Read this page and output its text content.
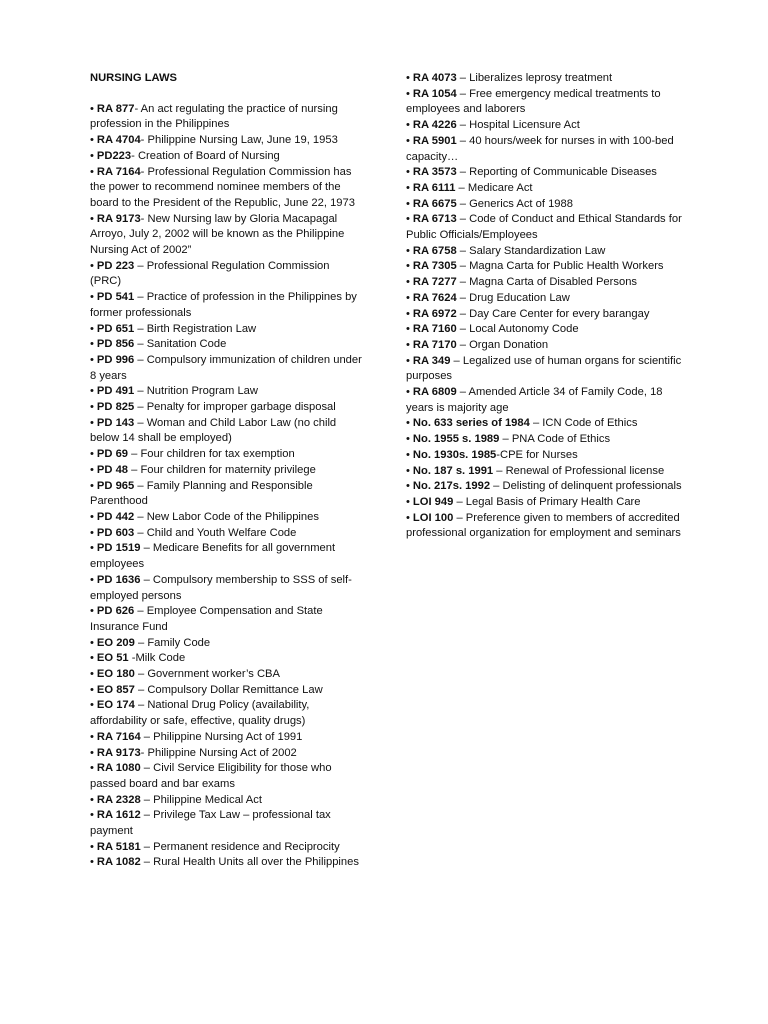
NURSING LAWS
• RA 877- An act regulating the practice of nursing profession in the Philippines
• RA 4704- Philippine Nursing Law, June 19, 1953
• PD223- Creation of Board of Nursing
• RA 7164- Professional Regulation Commission has the power to recommend nominee members of the board to the President of the Republic, June 22, 1973
• RA 9173- New Nursing law by Gloria Macapagal Arroyo, July 2, 2002 will be known as the Philippine Nursing Act of 2002”
• PD 223 – Professional Regulation Commission (PRC)
• PD 541 – Practice of profession in the Philippines by former professionals
• PD 651 – Birth Registration Law
• PD 856 – Sanitation Code
• PD 996 – Compulsory immunization of children under 8 years
• PD 491 – Nutrition Program Law
• PD 825 – Penalty for improper garbage disposal
• PD 143 – Woman and Child Labor Law (no child below 14 shall be employed)
• PD 69 – Four children for tax exemption
• PD 48 – Four children for maternity privilege
• PD 965 – Family Planning and Responsible Parenthood
• PD 442 – New Labor Code of the Philippines
• PD 603 – Child and Youth Welfare Code
• PD 1519 – Medicare Benefits for all government employees
• PD 1636 – Compulsory membership to SSS of self-employed persons
• PD 626 – Employee Compensation and State Insurance Fund
• EO 209 – Family Code
• EO 51 -Milk Code
• EO 180 – Government worker’s CBA
• EO 857 – Compulsory Dollar Remittance Law
• EO 174 – National Drug Policy (availability, affordability or safe, effective, quality drugs)
• RA 7164 – Philippine Nursing Act of 1991
• RA 9173- Philippine Nursing Act of 2002
• RA 1080 – Civil Service Eligibility for those who passed board and bar exams
• RA 2328 – Philippine Medical Act
• RA 1612 – Privilege Tax Law – professional tax payment
• RA 5181 – Permanent residence and Reciprocity
• RA 1082 – Rural Health Units all over the Philippines
• RA 4073 – Liberalizes leprosy treatment
• RA 1054 – Free emergency medical treatments to employees and laborers
• RA 4226 – Hospital Licensure Act
• RA 5901 – 40 hours/week for nurses in with 100-bed capacity…
• RA 3573 – Reporting of Communicable Diseases
• RA 6111 – Medicare Act
• RA 6675 – Generics Act of 1988
• RA 6713 – Code of Conduct and Ethical Standards for Public Officials/Employees
• RA 6758 – Salary Standardization Law
• RA 7305 – Magna Carta for Public Health Workers
• RA 7277 – Magna Carta of Disabled Persons
• RA 7624 – Drug Education Law
• RA 6972 – Day Care Center for every barangay
• RA 7160 – Local Autonomy Code
• RA 7170 – Organ Donation
• RA 349 – Legalized use of human organs for scientific purposes
• RA 6809 – Amended Article 34 of Family Code, 18 years is majority age
• No. 633 series of 1984 – ICN Code of Ethics
• No. 1955 s. 1989 – PNA Code of Ethics
• No. 1930s. 1985-CPE for Nurses
• No. 187 s. 1991 – Renewal of Professional license
• No. 217s. 1992 – Delisting of delinquent professionals
• LOI 949 – Legal Basis of Primary Health Care
• LOI 100 – Preference given to members of accredited professional organization for employment and seminars
